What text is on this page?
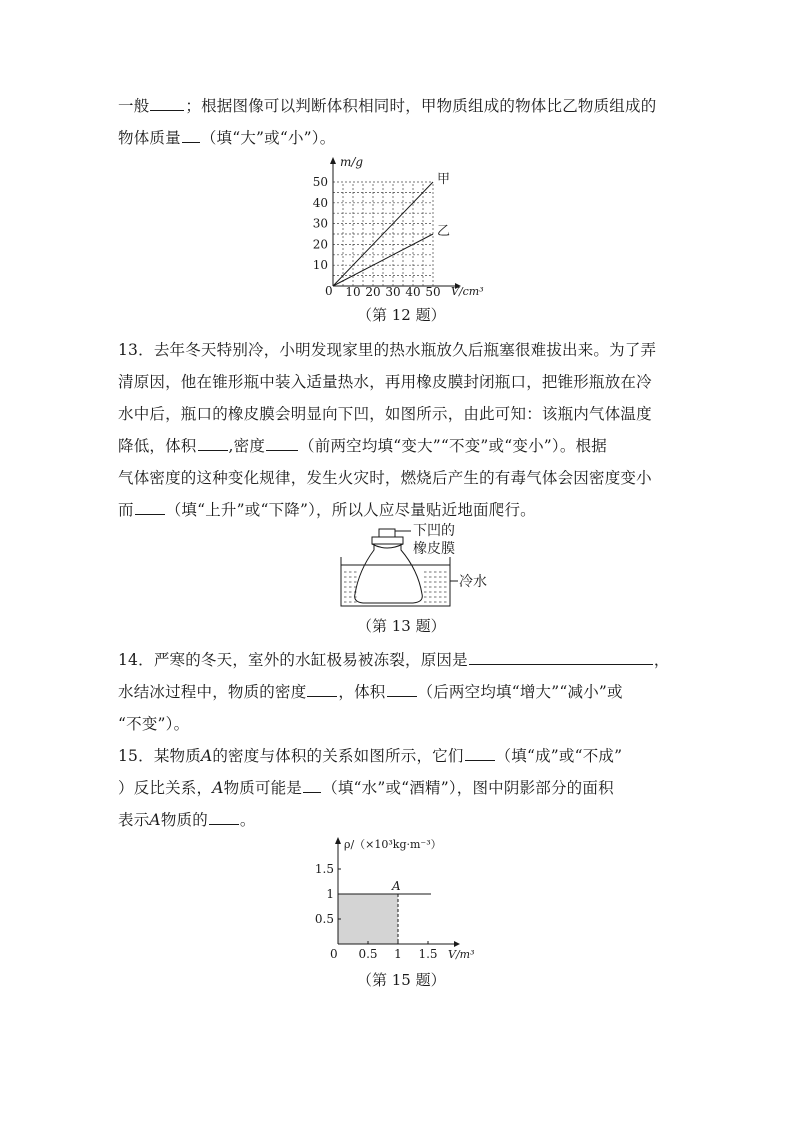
一般 ；根据图像可以判断体积相同时，甲物质组成的物体比乙物质组成的
物体质量 （填“大”或“小”）。
10
20
30
40
50
10 20 30 40 50
m/g
V/cm³
0
甲
乙
（第 12 题）
13．去年冬天特别冷，小明发现家里的热水瓶放久后瓶塞很难拔出来。为了弄
清原因，他在锥形瓶中装入适量热水，再用橡皮膜封闭瓶口，把锥形瓶放在冷
水中后，瓶口的橡皮膜会明显向下凹，如图所示，由此可知：该瓶内气体温度
降低，体积 ,密度 （前两空均填“变大”“不变”或“变小”）。根据
气体密度的这种变化规律，发生火灾时，燃烧后产生的有毒气体会因密度变小
而 （填“上升”或“下降”），所以人应尽量贴近地面爬行。
下凹的
橡皮膜
冷水
（第 13 题）
14．严寒的冬天，室外的水缸极易被冻裂，原因是	，
水结冰过程中，物质的密度 ，体积 （后两空均填“增大”“减小”或
“不变”）。
15．某物质A的密度与体积的关系如图所示，它们 （填“成”或“不成”
）反比关系，A物质可能是 （填“水”或“酒精”），图中阴影部分的面积
表示A物质的 。
0.5
1
1.5
0.5 1 1.5
ρ/（×10³kg·m⁻³）
V/m³
0
A
（第 15 题）
